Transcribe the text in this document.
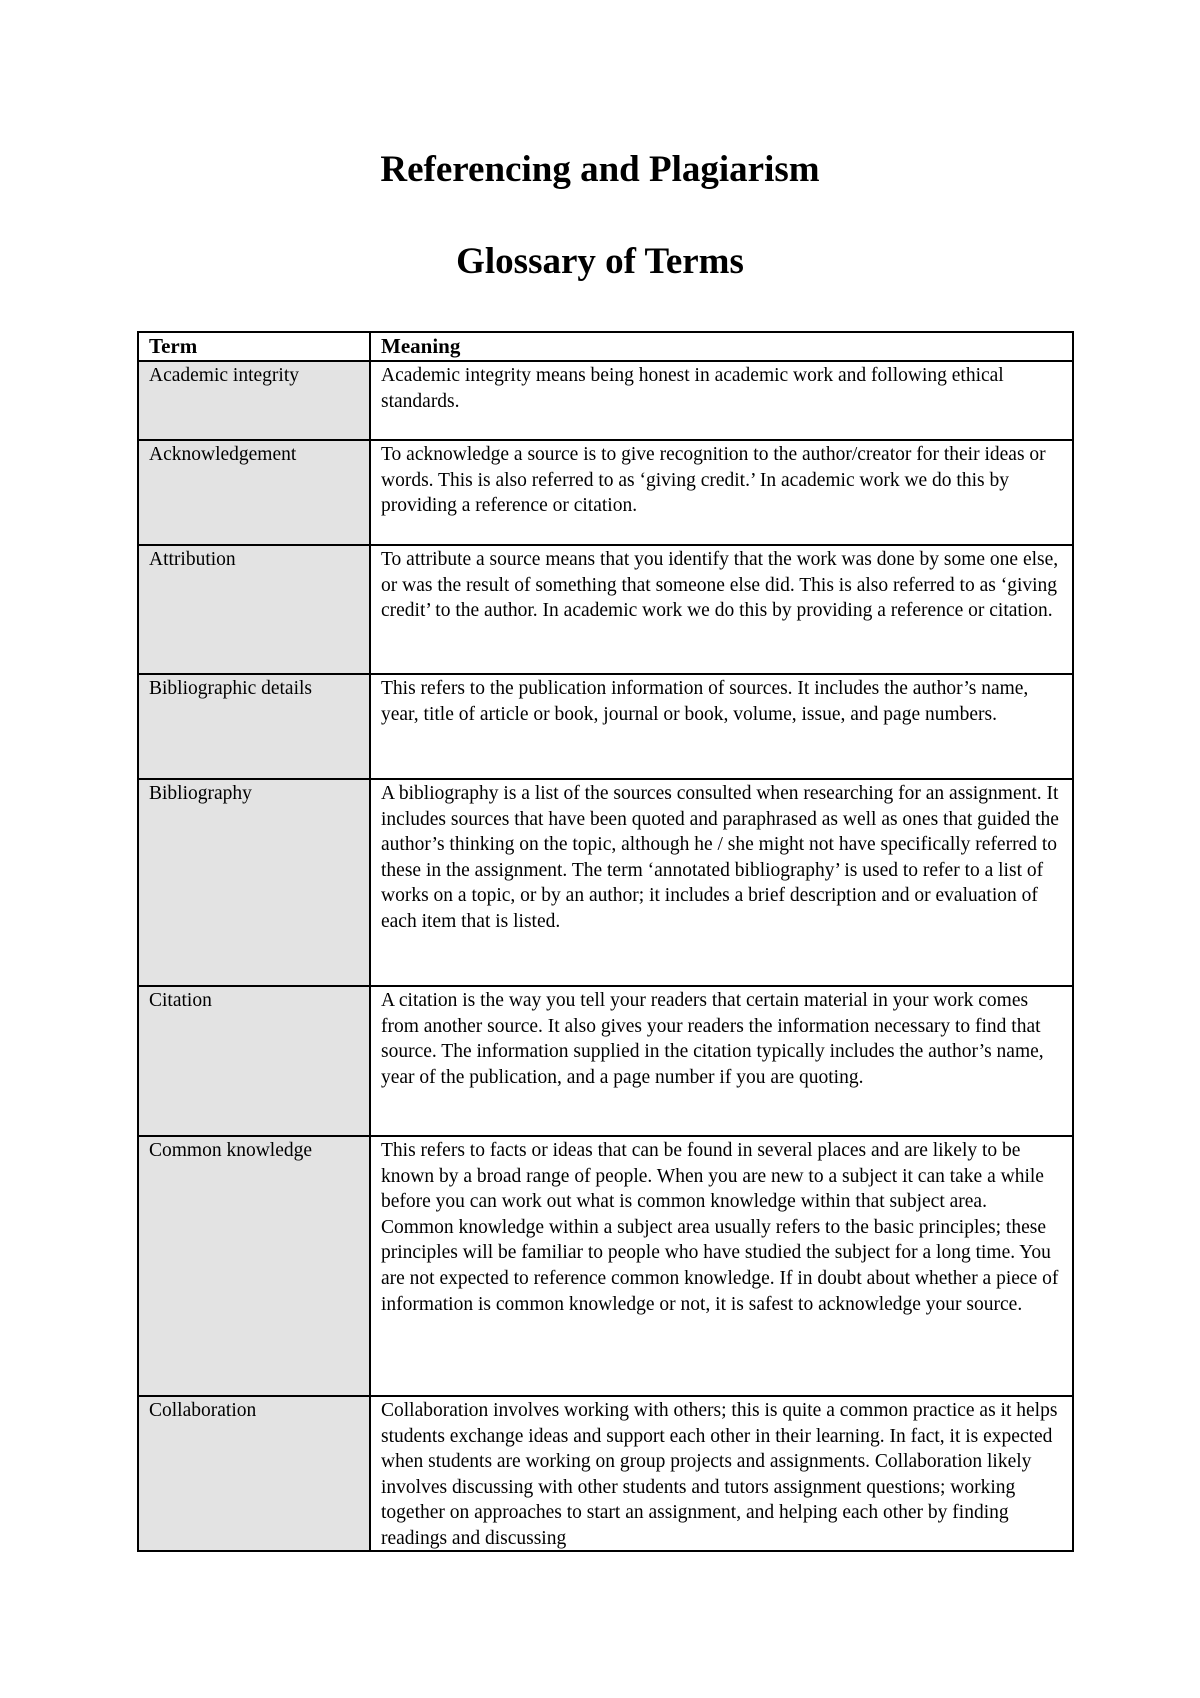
Referencing and Plagiarism
Glossary of Terms
Term	Meaning
Academic integrity	Academic integrity means being honest in academic work and following ethical standards.
Acknowledgement	To acknowledge a source is to give recognition to the author/creator for their ideas or words. This is also referred to as ‘giving credit.’ In academic work we do this by providing a reference or citation.
Attribution	To attribute a source means that you identify that the work was done by some one else, or was the result of something that someone else did. This is also referred to as ‘giving credit’ to the author. In academic work we do this by providing a reference or citation.
Bibliographic details	This refers to the publication information of sources. It includes the author’s name, year, title of article or book, journal or book, volume, issue, and page numbers.
Bibliography	A bibliography is a list of the sources consulted when researching for an assignment. It includes sources that have been quoted and paraphrased as well as ones that guided the author’s thinking on the topic, although he / she might not have specifically referred to these in the assignment. The term ‘annotated bibliography’ is used to refer to a list of works on a topic, or by an author; it includes a brief description and or evaluation of each item that is listed.
Citation	A citation is the way you tell your readers that certain material in your work comes from another source. It also gives your readers the information necessary to find that source. The information supplied in the citation typically includes the author’s name, year of the publication, and a page number if you are quoting.
Common knowledge	This refers to facts or ideas that can be found in several places and are likely to be known by a broad range of people. When you are new to a subject it can take a while before you can work out what is common knowledge within that subject area. Common knowledge within a subject area usually refers to the basic principles; these principles will be familiar to people who have studied the subject for a long time. You are not expected to reference common knowledge. If in doubt about whether a piece of information is common knowledge or not, it is safest to acknowledge your source.

Collaboration	Collaboration involves working with others; this is quite a common practice as it helps students exchange ideas and support each other in their learning. In fact, it is expected when students are working on group projects and assignments. Collaboration likely involves discussing with other students and tutors assignment questions; working together on approaches to start an assignment, and helping each other by finding readings and discussing
